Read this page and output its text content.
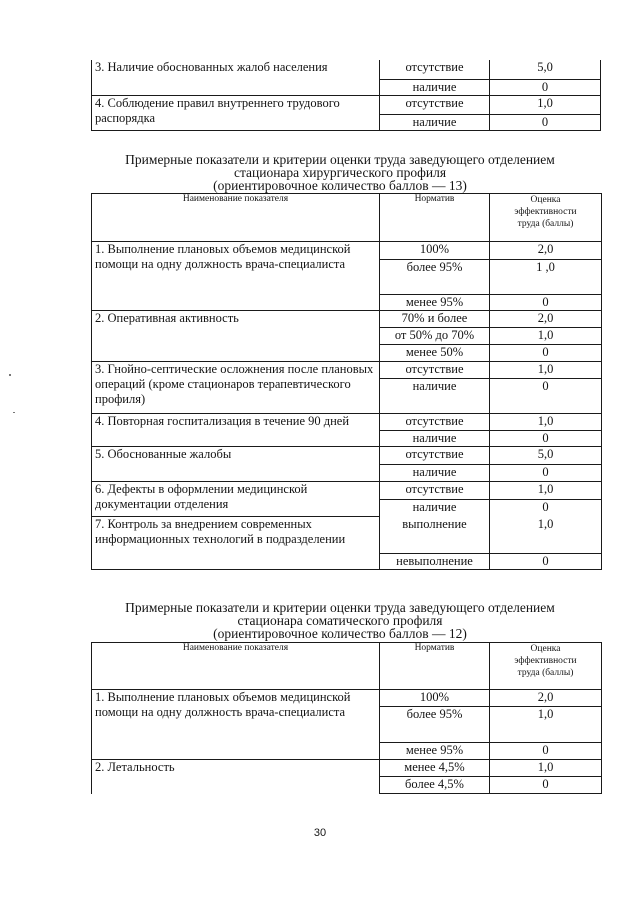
3. Наличие обоснованных жалоб населения	отсутствие	5,0
	наличие	0
4. Соблюдение правил внутреннего трудового распорядка	отсутствие	1,0
	наличие	0
Примерные показатели и критерии оценки труда заведующего отделением
стационара хирургического профиля
(ориентировочное количество баллов — 13)
Наименование показателя	Норматив	Оценка
эффективности
труда (баллы)

1. Выполнение плановых объемов медицинской помощи на одну должность врача-специалиста	100%	2,0
	более 95%	1 ,0
	менее 95%	0
2. Оперативная активность	70% и более	2,0
	от 50% до 70%	1,0
	менее 50%	0
3. Гнойно-септические осложнения после плановых операций (кроме стационаров терапевтического профиля)	отсутствие	1,0
	наличие	0
4. Повторная госпитализация в течение 90 дней	отсутствие	1,0
	наличие	0
5. Обоснованные жалобы	отсутствие	5,0
	наличие	0
6. Дефекты в оформлении медицинской документации отделения	отсутствие	1,0
	наличие	0
7. Контроль за внедрением современных информационных технологий в подразделении	выполнение	1,0
	невыполнение	0
Примерные показатели и критерии оценки труда заведующего отделением
стационара соматического профиля
(ориентировочное количество баллов — 12)
Наименование показателя	Норматив	Оценка
эффективности
труда (баллы)

1. Выполнение плановых объемов медицинской помощи на одну должность врача-специалиста	100%	2,0
	более 95%	1,0
	менее 95%	0
2. Летальность	менее 4,5%	1,0
	более 4,5%	0
30
